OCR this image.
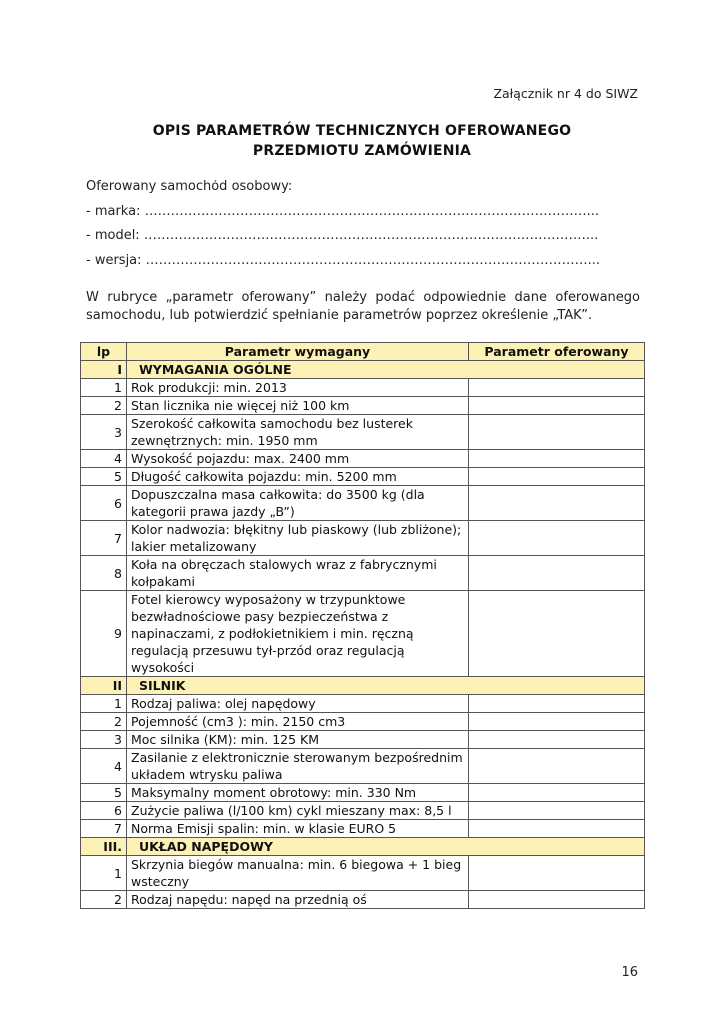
Załącznik nr 4 do SIWZ
OPIS PARAMETRÓW TECHNICZNYCH OFEROWANEGO
PRZEDMIOTU ZAMÓWIENIA
Oferowany samochód osobowy:
- marka: …………………………………………………………………………………………...
- model: …………………………………………………………………………………………...
- wersja: …………………………………………………………………………………………...
W rubryce „parametr oferowany” należy podać odpowiednie dane oferowanego samochodu, lub potwierdzić spełnianie parametrów poprzez określenie „TAK”.
lp	Parametr wymagany	Parametr oferowany
I	WYMAGANIA OGÓLNE	
1	Rok produkcji: min. 2013	
2	Stan licznika nie więcej niż 100 km	
3	Szerokość całkowita samochodu bez lusterek zewnętrznych: min. 1950 mm	
4	Wysokość pojazdu: max. 2400 mm	
5	Długość całkowita pojazdu: min. 5200 mm	
6	Dopuszczalna masa całkowita: do 3500 kg (dla kategorii prawa jazdy „B”)	
7	Kolor nadwozia: błękitny lub piaskowy (lub zbliżone); lakier metalizowany	
8	Koła na obręczach stalowych wraz z fabrycznymi kołpakami	
9	Fotel kierowcy wyposażony w trzypunktowe bezwładnościowe pasy bezpieczeństwa z napinaczami, z podłokietnikiem i min. ręczną regulacją przesuwu tył-przód oraz regulacją wysokości	
II	SILNIK	
1	Rodzaj paliwa: olej napędowy	
2	Pojemność (cm3 ): min. 2150 cm3	
3	Moc silnika (KM): min. 125 KM	
4	Zasilanie z elektronicznie sterowanym bezpośrednim układem wtrysku paliwa	
5	Maksymalny moment obrotowy: min. 330 Nm	
6	Zużycie paliwa (l/100 km) cykl mieszany max: 8,5 l	
7	Norma Emisji spalin: min. w klasie EURO 5	
III.	UKŁAD NAPĘDOWY	
1	Skrzynia biegów manualna: min. 6 biegowa + 1 bieg wsteczny	
2	Rodzaj napędu: napęd na przednią oś	
16
